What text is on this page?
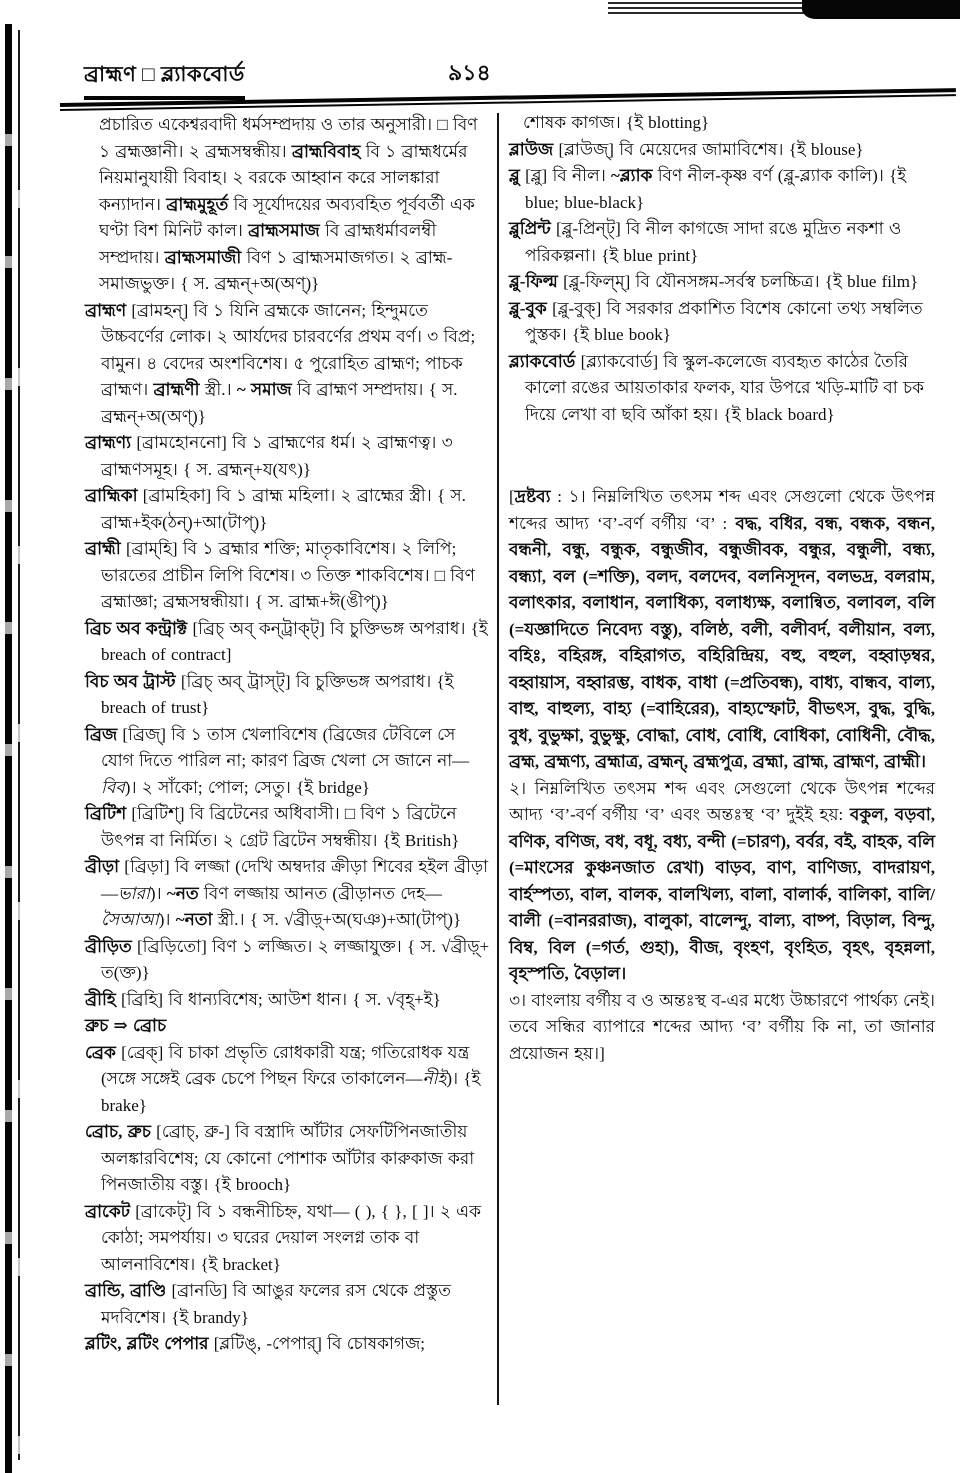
ব্রাহ্মণ □ ব্ল্যাকবোর্ড	৯১৪

প্রচারিত একেশ্বরবাদী ধর্মসম্প্রদায় ও তার অনুসারী। □ বিণ ১ ব্রহ্মজ্ঞানী। ২ ব্রহ্মসম্বন্ধীয়। ব্রাহ্মবিবাহ বি ১ ব্রাহ্মধর্মের নিয়মানুযায়ী বিবাহ। ২ বরকে আহ্বান করে সালঙ্কারা কন্যাদান। ব্রাহ্মমুহূর্ত বি সূর্যোদয়ের অব্যবহিত পূর্ববর্তী এক ঘণ্টা বিশ মিনিট কাল। ব্রাহ্মসমাজ বি ব্রাহ্মধর্মাবলম্বী সম্প্রদায়। ব্রাহ্মসমাজী বিণ ১ ব্রাহ্মসমাজগত। ২ ব্রাহ্ম-সমাজভুক্ত। { স. ব্রহ্মন্+অ(অণ্)}

ব্রাহ্মণ [ব্রামহন্] বি ১ যিনি ব্রহ্মকে জানেন; হিন্দুমতে উচ্চবর্ণের লোক। ২ আর্যদের চারবর্ণের প্রথম বর্ণ। ৩ বিপ্র; বামুন। ৪ বেদের অংশবিশেষ। ৫ পুরোহিত ব্রাহ্মণ; পাচক ব্রাহ্মণ। ব্রাহ্মণী স্ত্রী.। ~ সমাজ বি ব্রাহ্মণ সম্প্রদায়। { স. ব্রহ্মন্+অ(অণ্)}

ব্রাহ্মণ্য [ব্রামহোননো] বি ১ ব্রাহ্মণের ধর্ম। ২ ব্রাহ্মণত্ব। ৩ ব্রাহ্মণসমূহ। { স. ব্রহ্মন্+য(যৎ)}

ব্রাহ্মিকা [ব্রামহিকা] বি ১ ব্রাহ্ম মহিলা। ২ ব্রাহ্মের স্ত্রী। { স. ব্রাহ্ম+ইক(ঠন্)+আ(টাপ্)}

ব্রাহ্মী [ব্রাম্‌হি] বি ১ ব্রহ্মার শক্তি; মাতৃকাবিশেষ। ২ লিপি; ভারতের প্রাচীন লিপি বিশেষ। ৩ তিক্ত শাকবিশেষ। □ বিণ ব্রহ্মাজ্ঞা; ব্রহ্মসম্বন্ধীয়া। { স. ব্রাহ্ম+ঈ(ঙীপ্)}

ব্রিচ অব কন্ট্রাক্ট [ব্রিচ্ অব্ কন্‌ট্রাক্ট্] বি চুক্তিভঙ্গ অপরাধ। {ই breach of contract]

বিচ অব ট্রাস্ট [ব্রিচ্ অব্ ট্রাস্ট্] বি চুক্তিভঙ্গ অপরাধ। {ই breach of trust}

ব্রিজ [ব্রিজ্] বি ১ তাস খেলাবিশেষ (ব্রিজের টেবিলে সে যোগ দিতে পারিল না; কারণ ব্রিজ খেলা সে জানে না—বিব)। ২ সাঁকো; পোল; সেতু। {ই bridge}

ব্রিটিশ [ব্রিটিশ্] বি ব্রিটেনের অধিবাসী। □ বিণ ১ ব্রিটেনে উৎপন্ন বা নির্মিত। ২ গ্রেট ব্রিটেন সম্বন্ধীয়। {ই British}

ব্রীড়া [ব্রিড়া] বি লজ্জা (দেখি অম্বদার ক্রীড়া শিবের হইল ব্রীড়া—ভারা)। ~নত বিণ লজ্জায় আনত (ব্রীড়ানত দেহ—সৈআআ)। ~নতা স্ত্রী.। { স. √ব্রীড়্+অ(ঘঞ)+আ(টাপ্)}

ব্রীড়িত [ব্রিড়িতো] বিণ ১ লজ্জিত। ২ লজ্জাযুক্ত। { স. √ব্রীড়্+ ত(ক্ত)}

ব্রীহি [ব্রিহি] বি ধান্যবিশেষ; আউশ ধান। { স. √বৃহ্+ই}

ব্রুচ ⇒ ব্রোচ

ব্রেক [ব্রেক্] বি চাকা প্রভৃতি রোধকারী যন্ত্র; গতিরোধক যন্ত্র (সঙ্গে সঙ্গেই ব্রেক চেপে পিছন ফিরে তাকালেন—নীই)। {ই brake}

ব্রোচ, ব্রুচ [ব্রোচ্, ব্রু-] বি বস্ত্রাদি আঁটার সেফটিপিনজাতীয় অলঙ্কারবিশেষ; যে কোনো পোশাক আঁটার কারুকাজ করা পিনজাতীয় বস্তু। {ই brooch}

ব্রাকেট [ব্রাকেট্] বি ১ বন্ধনীচিহ্ন, যথা— ( ), { }, [ ]। ২ এক কোঠা; সমপর্যায়। ৩ ঘরের দেয়াল সংলগ্ন তাক বা আলনাবিশেষ। {ই bracket}

ব্রান্ডি, ব্রাণ্ডি [ব্রানডি] বি আঙুর ফলের রস থেকে প্রস্তুত মদবিশেষ। {ই brandy}

ব্লটিং, ব্লটিং পেপার [ব্লটিঙ্, -পেপার্] বি চোষকাগজ;

শোষক কাগজ। {ই blotting}

ব্লাউজ [ব্লাউজ্] বি মেয়েদের জামাবিশেষ। {ই blouse}

ব্লু [ব্লু] বি নীল। ~ব্ল্যাক বিণ নীল-কৃষ্ণ বর্ণ (ব্লু-ব্ল্যাক কালি)। {ই blue; blue-black}

ব্লুপ্রিন্ট [ব্লু-প্রিন্ট্] বি নীল কাগজে সাদা রঙে মুদ্রিত নকশা ও পরিকল্পনা। {ই blue print}

ব্লু-ফিল্ম [ব্লু-ফিল্ম্] বি যৌনসঙ্গম-সর্বস্ব চলচ্চিত্র। {ই blue film}

ব্লু-বুক [ব্লু-বুক্] বি সরকার প্রকাশিত বিশেষ কোনো তথ্য সম্বলিত পুস্তক। {ই blue book}

ব্ল্যাকবোর্ড [ব্ল্যাকবোর্ড] বি স্কুল-কলেজে ব্যবহৃত কাঠের তৈরি কালো রঙের আয়তাকার ফলক, যার উপরে খড়ি-মাটি বা চক দিয়ে লেখা বা ছবি আঁকা হয়। {ই black board}

[দ্রষ্টব্য : ১। নিম্নলিখিত তৎসম শব্দ এবং সেগুলো থেকে উৎপন্ন শব্দের আদ্য ‘ব’-বর্ণ বর্গীয় ‘ব’ : বদ্ধ, বধির, বন্ধ, বন্ধক, বন্ধন, বন্ধনী, বন্ধু, বন্ধুক, বন্ধুজীব, বন্ধুজীবক, বন্ধুর, বন্ধুলী, বন্ধ্য, বন্ধ্যা, বল (=শক্তি), বলদ, বলদেব, বলনিসূদন, বলভদ্র, বলরাম, বলাৎকার, বলাধান, বলাধিক্য, বলাধ্যক্ষ, বলান্বিত, বলাবল, বলি (=যজ্ঞাদিতে নিবেদ্য বস্তু), বলিষ্ঠ, বলী, বলীবর্দ, বলীয়ান, বল্য, বহিঃ, বহিরঙ্গ, বহিরাগত, বহিরিন্দ্রিয়, বহু, বহুল, বহ্বাড়ম্বর, বহ্বায়াস, বহ্বারম্ভ, বাধক, বাধা (=প্রতিবন্ধ), বাধ্য, বান্ধব, বাল্য, বাহু, বাহুল্য, বাহ্য (=বাহিরের), বাহ্যস্ফোট, বীভৎস, বুদ্ধ, বুদ্ধি, বুধ, বুভুক্ষা, বুভুক্ষু, বোদ্ধা, বোধ, বোধি, বোধিকা, বোধিনী, বৌদ্ধ, ব্রহ্ম, ব্রহ্মণ্য, ব্রহ্মাত্র, ব্রহ্মন্, ব্রহ্মপুত্র, ব্রহ্মা, ব্রাহ্ম, ব্রাহ্মণ, ব্রাহ্মী।

২। নিম্নলিখিত তৎসম শব্দ এবং সেগুলো থেকে উৎপন্ন শব্দের আদ্য ‘ব’-বর্ণ বর্গীয় ‘ব’ এবং অন্তঃস্থ ‘ব’ দুইই হয়: বকুল, বড়বা, বণিক, বণিজ, বধ, বধূ, বধ্য, বন্দী (=চারণ), বর্বর, বই, বাহক, বলি (=মাংসের কুঞ্চনজাত রেখা) বাড়ব, বাণ, বাণিজ্য, বাদরায়ণ, বার্হস্পত্য, বাল, বালক, বালখিল্য, বালা, বালার্ক, বালিকা, বালি/বালী (=বানররাজ), বালুকা, বালেন্দু, বাল্য, বাষ্প, বিড়াল, বিন্দু, বিম্ব, বিল (=গর্ত, গুহা), বীজ, বৃংহণ, বৃংহিত, বৃহৎ, বৃহন্নলা, বৃহস্পতি, বৈড়াল।

৩। বাংলায় বর্গীয় ব ও অন্তঃস্থ ব-এর মধ্যে উচ্চারণে পার্থক্য নেই। তবে সন্ধির ব্যাপারে শব্দের আদ্য ‘ব’ বর্গীয় কি না, তা জানার প্রয়োজন হয়।]
